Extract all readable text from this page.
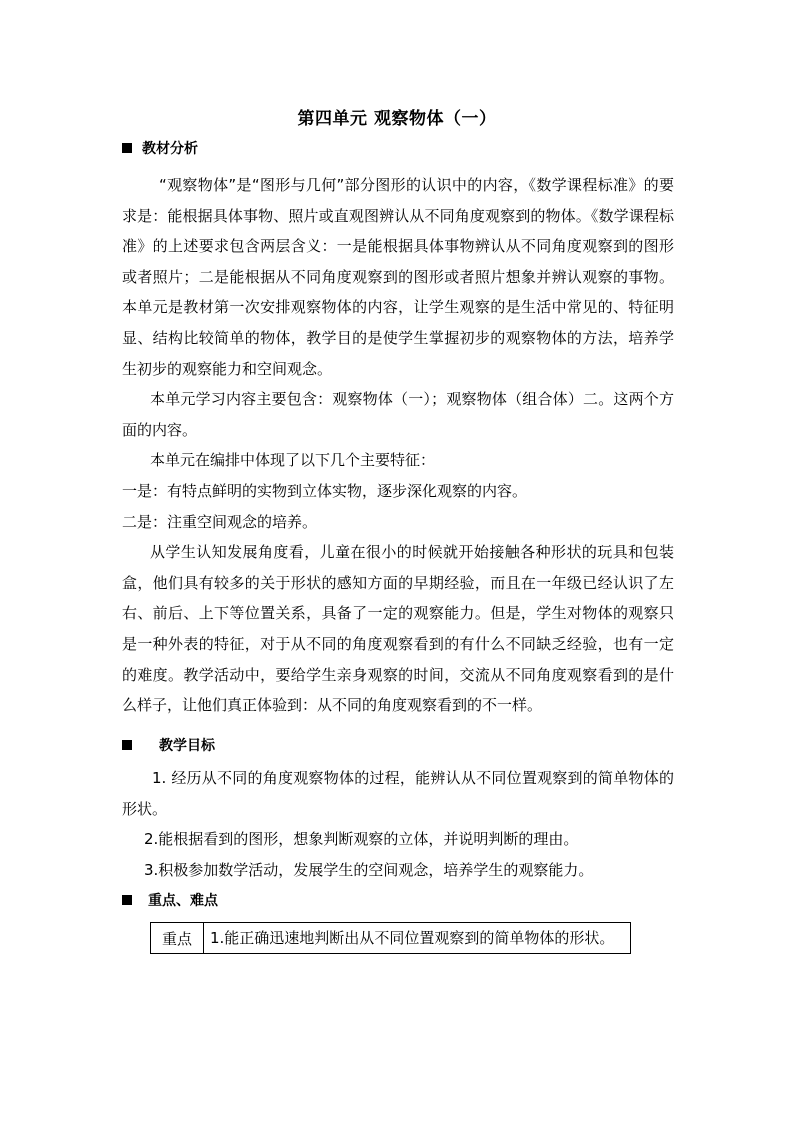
第四单元 观察物体（一）
教材分析

“观察物体”是“图形与几何”部分图形的认识中的内容，《数学课程标准》的要求是：能根据具体事物、照片或直观图辨认从不同角度观察到的物体。《数学课程标准》的上述要求包含两层含义：一是能根据具体事物辨认从不同角度观察到的图形或者照片；二是能根据从不同角度观察到的图形或者照片想象并辨认观察的事物。本单元是教材第一次安排观察物体的内容，让学生观察的是生活中常见的、特征明显、结构比较简单的物体，教学目的是使学生掌握初步的观察物体的方法，培养学生初步的观察能力和空间观念。

本单元学习内容主要包含：观察物体（一）；观察物体（组合体）二。这两个方面的内容。

本单元在编排中体现了以下几个主要特征：

一是：有特点鲜明的实物到立体实物，逐步深化观察的内容。

二是：注重空间观念的培养。

从学生认知发展角度看，儿童在很小的时候就开始接触各种形状的玩具和包装盒，他们具有较多的关于形状的感知方面的早期经验，而且在一年级已经认识了左右、前后、上下等位置关系，具备了一定的观察能力。但是，学生对物体的观察只是一种外表的特征，对于从不同的角度观察看到的有什么不同缺乏经验，也有一定的难度。教学活动中，要给学生亲身观察的时间，交流从不同角度观察看到的是什么样子，让他们真正体验到：从不同的角度观察看到的不一样。

教学目标

1. 经历从不同的角度观察物体的过程，能辨认从不同位置观察到的简单物体的形状。

2.能根据看到的图形，想象判断观察的立体，并说明判断的理由。

3.积极参加数学活动，发展学生的空间观念，培养学生的观察能力。

重点、难点
重点	1.能正确迅速地判断出从不同位置观察到的简单物体的形状。
